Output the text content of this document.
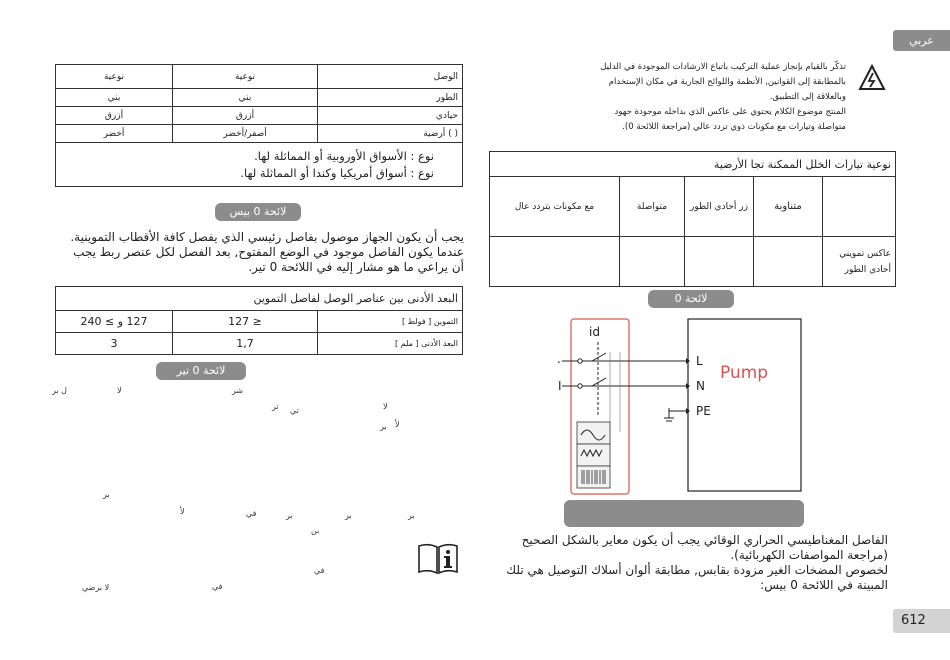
عربي
612
تذكّر بالقيام بإنجاز عملية التركيب باتباع الارشادات الموجودة في الدليل
بالمطابقة إلى القوانين, الأنظمة واللوائح الجارية في مكان الإستخدام
وبالعلاقة إلى التطبيق.
المنتج موضوع الكلام يحتوي على عاكس الذي بداخله موجودة جهود
متواصلة وتيارات مع مكونات ذوي تردد عالي (مراجعة اللائحة 0).
نوعية تيارات الخلل الممكنة تجا الأرضية				
	متناوبة	زر أحادي الطور	متواصلة	مع مكونات بتردد عال
عاكس تمويني أحادي الطور				
لائحة 0
id
.
I
L
N
PE
Pump
الفاصل المغناطيسي الحراري الوقائي يجب أن يكون معاير بالشكل الصحيح
(مراجعة المواصفات الكهربائية).
لخصوص المضخات الغير مزودة بقابس, مطابقة ألوان أسلاك التوصيل هي تلك
المبينة في اللائحة 0 بيس:
الوصل	نوعية	نوعية
الطور	بني	بني
حيادي	أزرق	أزرق
( ) أرضية	أصفر/أخضر	أخضر

نوع : الأسواق الأوروبية أو المماثلة لها.
نوع : أسواق أمريكيا وكندا أو المماثلة لها.		
لائحة 0 بيس
يجب أن يكون الجهاز موصول بفاصل رئيسي الذي يفصل كافة الأقطاب التموينية.
عندما يكون الفاصل موجود في الوضع المفتوح, بعد الفصل لكل عنصر ربط يجب
أن يراعي ما هو مشار إليه في اللائحة 0 تير.
البعد الأدنى بين عناصر الوصل لفاصل التموين		
التموين [ فولط ]	≤ 127	127 و ≥ 240
البعد الأدنى [ ملم ]	1,7	3
لائحة 0 تير
شر
لا
ل بر
لا
تر تي
بر لأ
بر
بر
بر
بر
في
لأ
بن
في
في
لا برضي
